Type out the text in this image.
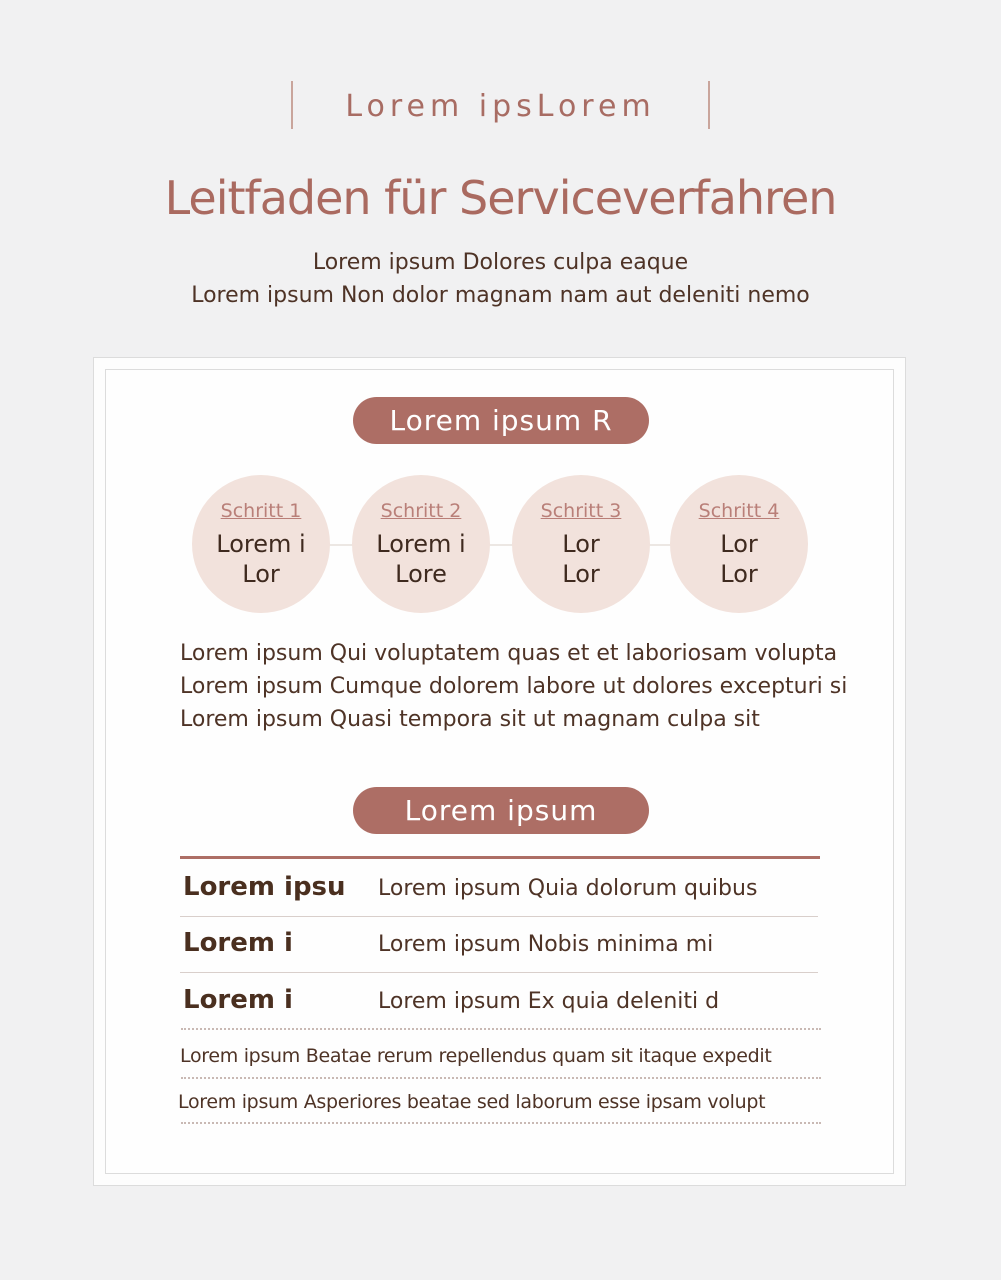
Lorem ipsLorem
Leitfaden für Serviceverfahren
Lorem ipsum Dolores culpa eaque
Lorem ipsum Non dolor magnam nam aut deleniti nemo
Lorem ipsum R
Schritt 1
Lorem i
Lor
Schritt 2
Lorem i
Lore
Schritt 3
Lor
Lor
Schritt 4
Lor
Lor
Lorem ipsum Qui voluptatem quas et et laboriosam volupta
Lorem ipsum Cumque dolorem labore ut dolores excepturi si
Lorem ipsum Quasi tempora sit ut magnam culpa sit
Lorem ipsum
Lorem ipsu Lorem ipsum Quia dolorum quibus
Lorem i	Lorem ipsum Nobis minima mi
Lorem i	Lorem ipsum Ex quia deleniti d
Lorem ipsum Beatae rerum repellendus quam sit itaque expedit
Lorem ipsum Asperiores beatae sed laborum esse ipsam volupt
